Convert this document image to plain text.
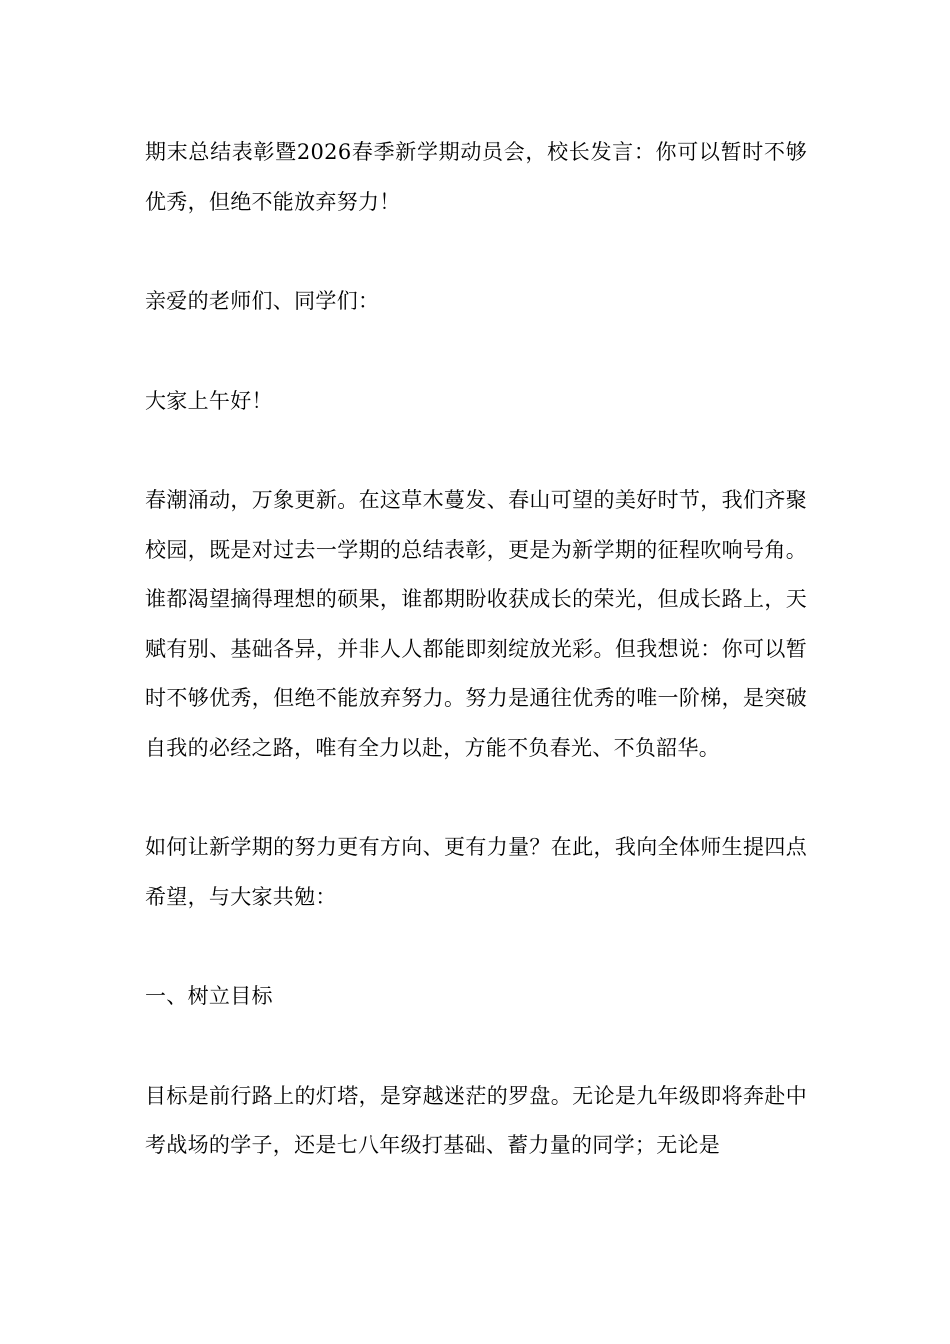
期末总结表彰暨2026春季新学期动员会，校长发言：你可以暂时不够优秀，但绝不能放弃努力！

亲爱的老师们、同学们：

大家上午好！

春潮涌动，万象更新。在这草木蔓发、春山可望的美好时节，我们齐聚校园，既是对过去一学期的总结表彰，更是为新学期的征程吹响号角。谁都渴望摘得理想的硕果，谁都期盼收获成长的荣光，但成长路上，天赋有别、基础各异，并非人人都能即刻绽放光彩。但我想说：你可以暂时不够优秀，但绝不能放弃努力。努力是通往优秀的唯一阶梯，是突破自我的必经之路，唯有全力以赴，方能不负春光、不负韶华。

如何让新学期的努力更有方向、更有力量？在此，我向全体师生提四点希望，与大家共勉：

一、树立目标

目标是前行路上的灯塔，是穿越迷茫的罗盘。无论是九年级即将奔赴中考战场的学子，还是七八年级打基础、蓄力量的同学；无论是
